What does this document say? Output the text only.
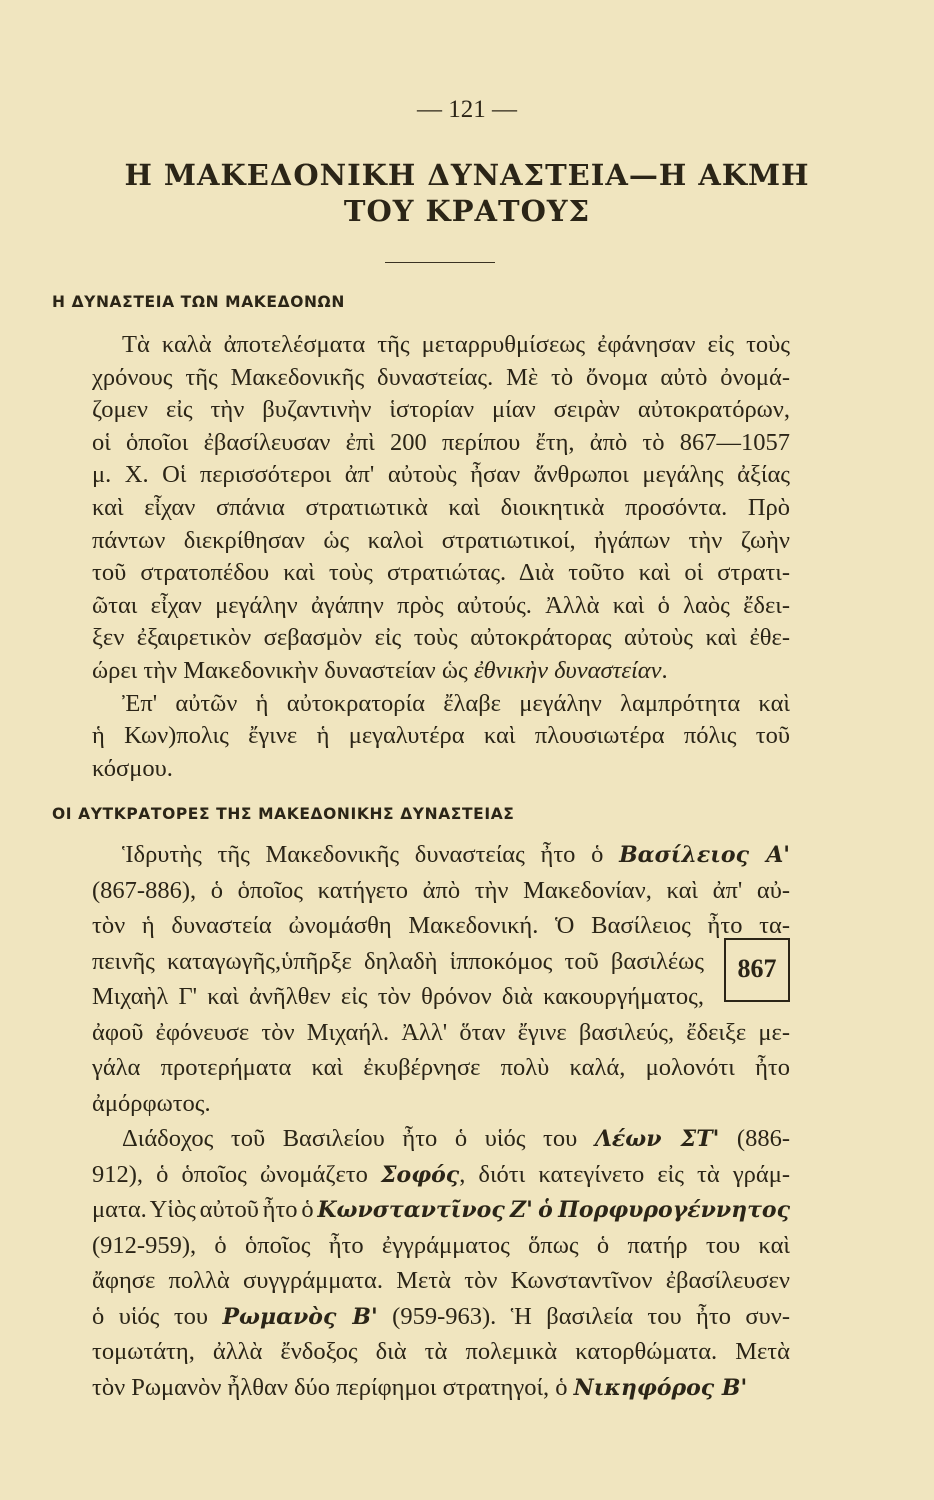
— 121 —
Η ΜΑΚΕΔΟΝΙΚΗ ΔΥΝΑΣΤΕΙΑ—Η ΑΚΜΗ
ΤΟΥ ΚΡΑΤΟΥΣ
Η ΔΥΝΑΣΤΕΙΑ ΤΩΝ ΜΑΚΕΔΟΝΩΝ
Τὰ καλὰ ἀποτελέσματα τῆς μεταρρυθμίσεως ἐφάνησαν εἰς τοὺς
χρόνους τῆς Μακεδονικῆς δυναστείας. Μὲ τὸ ὄνομα αὐτὸ ὀνομά-
ζομεν εἰς τὴν βυζαντινὴν ἱστορίαν μίαν σειρὰν αὐτοκρατόρων,
οἱ ὁποῖοι ἐβασίλευσαν ἐπὶ 200 περίπου ἔτη, ἀπὸ τὸ 867—1057
μ. Χ. Οἱ περισσότεροι ἀπ' αὐτοὺς ἦσαν ἄνθρωποι μεγάλης ἀξίας
καὶ εἶχαν σπάνια στρατιωτικὰ καὶ διοικητικὰ προσόντα. Πρὸ
πάντων διεκρίθησαν ὡς καλοὶ στρατιωτικοί, ἠγάπων τὴν ζωὴν
τοῦ στρατοπέδου καὶ τοὺς στρατιώτας. Διὰ τοῦτο καὶ οἱ στρατι-
ῶται εἶχαν μεγάλην ἀγάπην πρὸς αὐτούς. Ἀλλὰ καὶ ὁ λαὸς ἔδει-
ξεν ἐξαιρετικὸν σεβασμὸν εἰς τοὺς αὐτοκράτορας αὐτοὺς καὶ ἐθε-
ώρει τὴν Μακεδονικὴν δυναστείαν ὡς ἐθνικὴν δυναστείαν.
Ἐπ' αὐτῶν ἡ αὐτοκρατορία ἔλαβε μεγάλην λαμπρότητα καὶ
ἡ Κων)πολις ἔγινε ἡ μεγαλυτέρα καὶ πλουσιωτέρα πόλις τοῦ
κόσμου.
ΟΙ ΑΥΤΚΡΑΤΟΡΕΣ ΤΗΣ ΜΑΚΕΔΟΝΙΚΗΣ ΔΥΝΑΣΤΕΙΑΣ
Ἱδρυτὴς τῆς Μακεδονικῆς δυναστείας ἦτο ὁ Βασίλειος Α'
(867-886), ὁ ὁποῖος κατήγετο ἀπὸ τὴν Μακεδονίαν, καὶ ἀπ' αὐ-
τὸν ἡ δυναστεία ὠνομάσθη Μακεδονική. Ὁ Βασίλειος ἦτο τα-
πεινῆς καταγωγῆς,ὑπῆρξε δηλαδὴ ἱπποκόμος τοῦ βασιλέως
Μιχαὴλ Γ' καὶ ἀνῆλθεν εἰς τὸν θρόνον διὰ κακουργήματος,
ἀφοῦ ἐφόνευσε τὸν Μιχαήλ. Ἀλλ' ὅταν ἔγινε βασιλεύς, ἔδειξε με-
γάλα προτερήματα καὶ ἐκυβέρνησε πολὺ καλά, μολονότι ἦτο
ἀμόρφωτος.
Διάδοχος τοῦ Βασιλείου ἦτο ὁ υἱός του Λέων ΣΤ' (886-
912), ὁ ὁποῖος ὠνομάζετο Σοφός, διότι κατεγίνετο εἰς τὰ γράμ-
ματα. Υἱὸς αὐτοῦ ἦτο ὁ Κωνσταντῖνος Ζ' ὁ Πορφυρογέννητος
(912-959), ὁ ὁποῖος ἦτο ἐγγράμματος ὅπως ὁ πατήρ του καὶ
ἄφησε πολλὰ συγγράμματα. Μετὰ τὸν Κωνσταντῖνον ἐβασίλευσεν
ὁ υἱός του Ρωμανὸς Β' (959-963). Ἡ βασιλεία του ἦτο συν-
τομωτάτη, ἀλλὰ ἔνδοξος διὰ τὰ πολεμικὰ κατορθώματα. Μετὰ
τὸν Ρωμανὸν ἦλθαν δύο περίφημοι στρατηγοί, ὁ Νικηφόρος Β'
867
